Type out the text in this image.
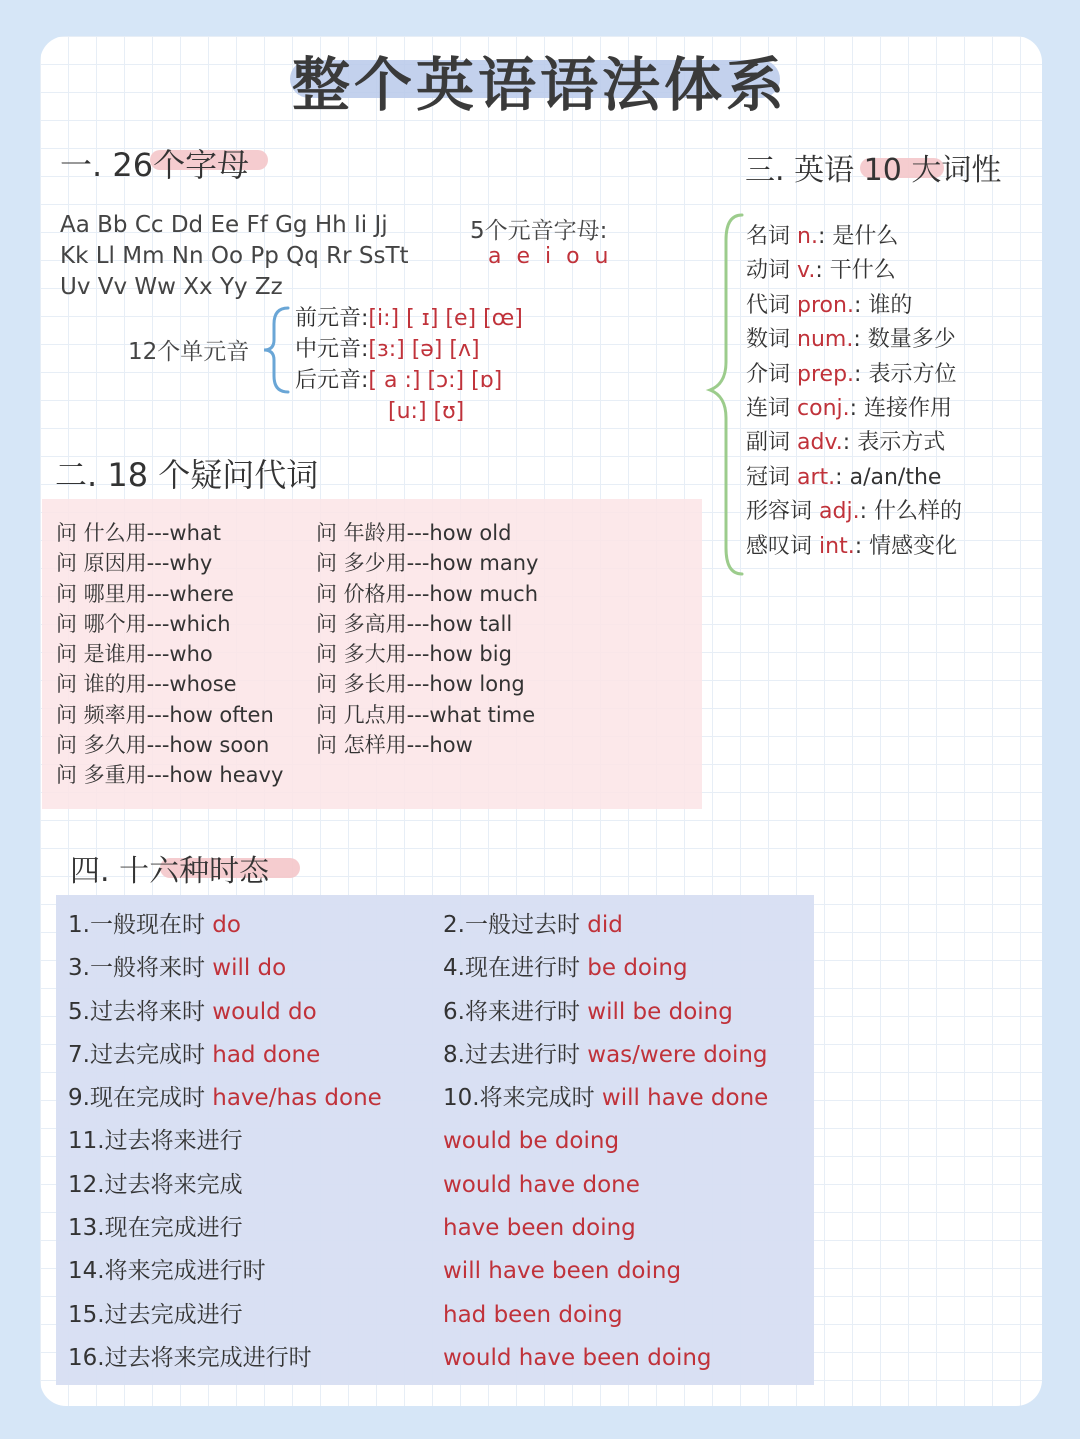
整个英语语法体系
一. 26个字母
Aa Bb Cc Dd Ee Ff Gg Hh Ii Jj
Kk Ll Mm Nn Oo Pp Qq Rr SsTt
Uv Vv Ww Xx Yy Zz
5个元音字母:
a e i o u
12个单元音
前元音:[i:] [ ɪ] [e] [œ]
中元音:[ɜ:] [ə] [ʌ]
后元音:[ a :] [ɔ:] [ɒ]
[u:] [ʊ]
二. 18 个疑问代词
问 什么用---what
问 原因用---why
问 哪里用---where
问 哪个用---which
问 是谁用---who
问 谁的用---whose
问 频率用---how often
问 多久用---how soon
问 多重用---how heavy
问 年龄用---how old
问 多少用---how many
问 价格用---how much
问 多高用---how tall
问 多大用---how big
问 多长用---how long
问 几点用---what time
问 怎样用---how
三. 英语 10 大词性
名词 n.: 是什么
动词 v.: 干什么
代词 pron.: 谁的
数词 num.: 数量多少
介词 prep.: 表示方位
连词 conj.: 连接作用
副词 adv.: 表示方式
冠词 art.: a/an/the
形容词 adj.: 什么样的
感叹词 int.: 情感变化
四. 十六种时态
1.一般现在时 do	2.一般过去时 did
3.一般将来时 will do	4.现在进行时 be doing
5.过去将来时 would do	6.将来进行时 will be doing
7.过去完成时 had done	8.过去进行时 was/were doing
9.现在完成时 have/has done	10.将来完成时 will have done
11.过去将来进行	would be doing
12.过去将来完成	would have done
13.现在完成进行	have been doing
14.将来完成进行时	will have been doing
15.过去完成进行	had been doing
16.过去将来完成进行时	would have been doing
